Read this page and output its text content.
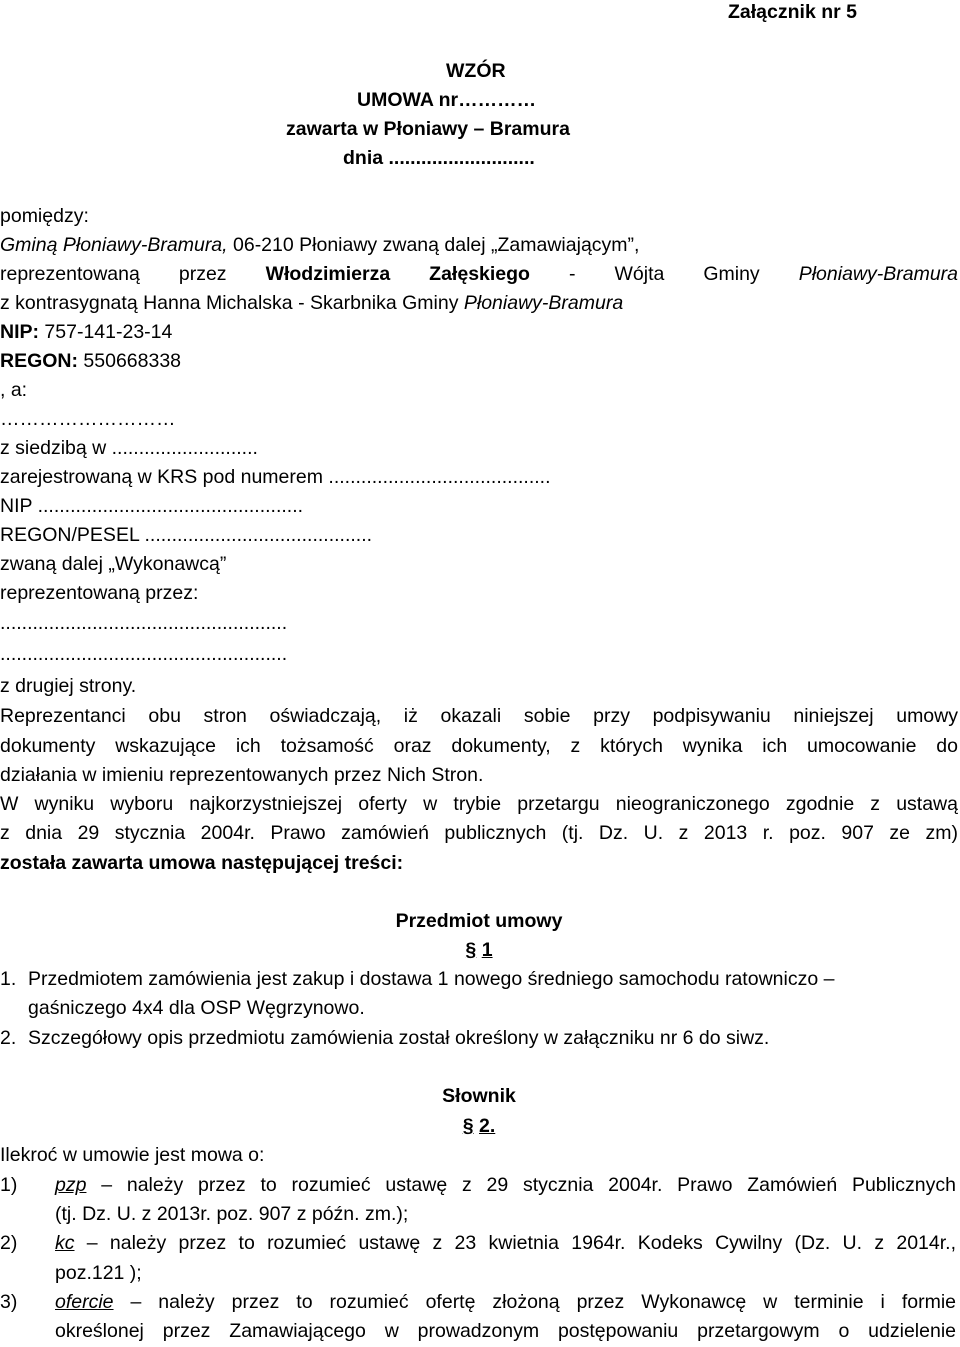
Załącznik nr 5
WZÓR
UMOWA nr…………
zawarta w Płoniawy – Bramura
dnia ...........................
pomiędzy:
Gminą Płoniawy-Bramura, 06-210 Płoniawy zwaną dalej „Zamawiającym”,
reprezentowaną przez Włodzimierza Załęskiego - Wójta Gminy Płoniawy-Bramura
z kontrasygnatą Hanna Michalska - Skarbnika Gminy Płoniawy-Bramura
NIP: 757-141-23-14
REGON: 550668338
, a:
………………………
z siedzibą w ...........................
zarejestrowaną w KRS pod numerem .........................................
NIP .................................................
REGON/PESEL ..........................................
zwaną dalej „Wykonawcą”
reprezentowaną przez:
.....................................................
.....................................................
z drugiej strony.
Reprezentanci obu stron oświadczają, iż okazali sobie przy podpisywaniu niniejszej umowy
dokumenty wskazujące ich tożsamość oraz dokumenty, z których wynika ich umocowanie do
działania w imieniu reprezentowanych przez Nich Stron.
W wyniku wyboru najkorzystniejszej oferty w trybie przetargu nieograniczonego zgodnie z ustawą
z dnia 29 stycznia 2004r. Prawo zamówień publicznych (tj. Dz. U. z 2013 r. poz. 907 ze zm)
została zawarta umowa następującej treści:
Przedmiot umowy
§ 1
1. Przedmiotem zamówienia jest zakup i dostawa 1 nowego średniego samochodu ratowniczo –
gaśniczego 4x4 dla OSP Węgrzynowo.
2. Szczegółowy opis przedmiotu zamówienia został określony w załączniku nr 6 do siwz.
Słownik
§ 2.
Ilekroć w umowie jest mowa o:
1) pzp – należy przez to rozumieć ustawę z 29 stycznia 2004r. Prawo Zamówień Publicznych
(tj. Dz. U. z 2013r. poz. 907 z późn. zm.);
2) kc – należy przez to rozumieć ustawę z 23 kwietnia 1964r. Kodeks Cywilny (Dz. U. z 2014r.,
poz.121 );
3) ofercie – należy przez to rozumieć ofertę złożoną przez Wykonawcę w terminie i formie
określonej przez Zamawiającego w prowadzonym postępowaniu przetargowym o udzielenie
